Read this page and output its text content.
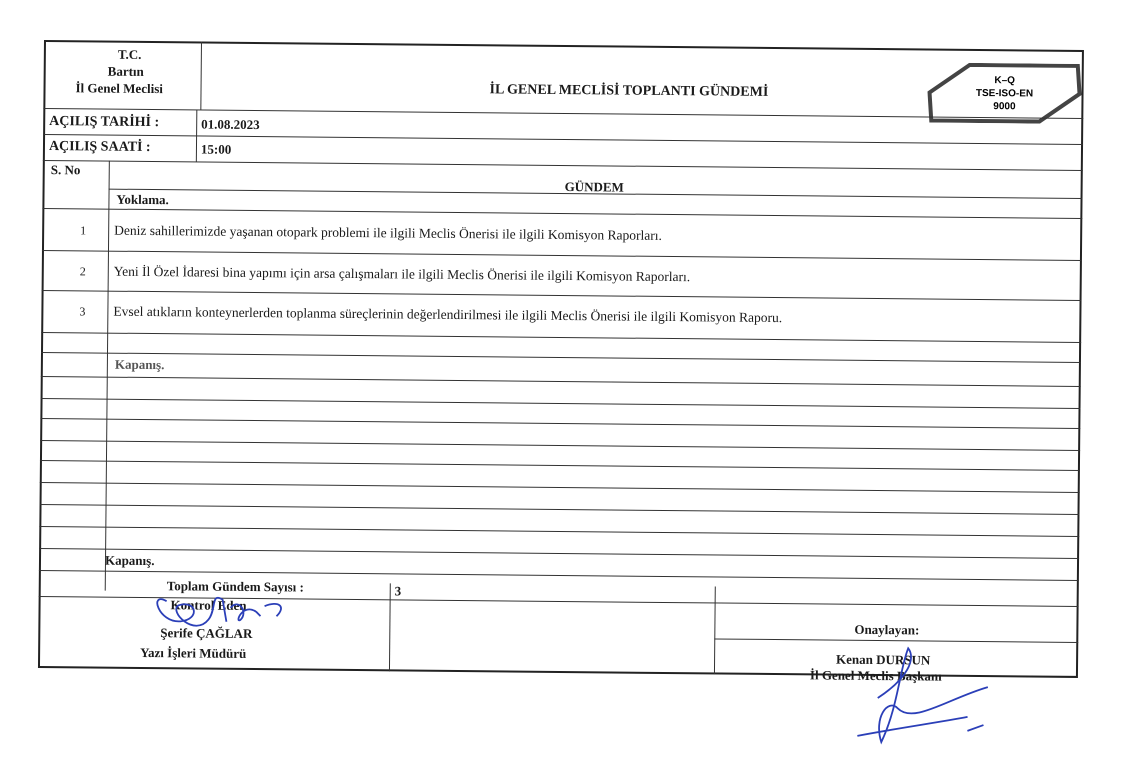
T.C.
Bartın
İl Genel Meclisi	İL GENEL MECLİSİ TOPLANTI GÜNDEMİ
K–Q
TSE-ISO-EN
9000
AÇILIŞ TARİHİ :	01.08.2023
AÇILIŞ SAATİ :	15:00
S. No
GÜNDEM
Yoklama.
1 Deniz sahillerimizde yaşanan otopark problemi ile ilgili Meclis Önerisi ile ilgili Komisyon Raporları.
2 Yeni İl Özel İdaresi bina yapımı için arsa çalışmaları ile ilgili Meclis Önerisi ile ilgili Komisyon Raporları.
3 Evsel atıkların konteynerlerden toplanma süreçlerinin değerlendirilmesi ile ilgili Meclis Önerisi ile ilgili Komisyon Raporu.
Kapanış.
Kapanış.
Toplam Gündem Sayısı :	3
Kontrol Eden
Şerife ÇAĞLAR
Yazı İşleri Müdürü
Onaylayan:
Kenan DURSUN
İl Genel Meclis Başkanı
